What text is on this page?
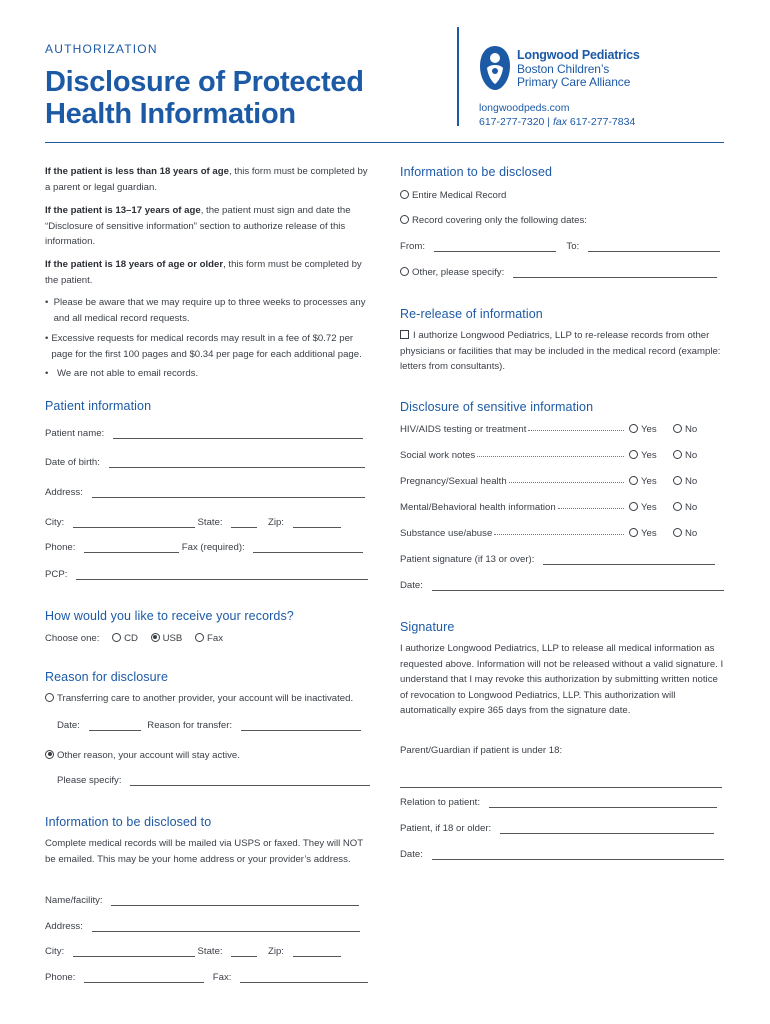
AUTHORIZATION
Disclosure of Protected
Health Information
Longwood Pediatrics
Boston Children’s
Primary Care Alliance
longwoodpeds.com
617-277-7320 | fax 617-277-7834
If the patient is less than 18 years of age, this form must be completed by a parent or legal guardian.
If the patient is 13–17 years of age, the patient must sign and date the “Disclosure of sensitive information” section to authorize release of this information.
If the patient is 18 years of age or older, this form must be completed by the patient.
• Please be aware that we may require up to three weeks to processes any and all medical record requests.
• Excessive requests for medical records may result in a fee of $0.72 per page for the first 100 pages and $0.34 per page for each additional page.
• We are not able to email records.
Patient information
Patient name:
Date of birth:
Address:
City:	State:	Zip:
Phone:	Fax (required):
PCP:
How would you like to receive your records?
Choose one:	CD	USB	Fax
Reason for disclosure
Transferring care to another provider, your account will be inactivated.
Date:	Reason for transfer:
Other reason, your account will stay active.
Please specify:
Information to be disclosed to
Complete medical records will be mailed via USPS or faxed. They will NOT be emailed. This may be your home address or your provider’s address.
Name/facility:
Address:
City:	State:	Zip:
Phone:	Fax:
Information to be disclosed
Entire Medical Record
Record covering only the following dates:
From:	To:
Other, please specify:
Re-release of information
I authorize Longwood Pediatrics, LLP to re-release records from other physicians or facilities that may be included in the medical record (example: letters from consultants).
Disclosure of sensitive information
HIV/AIDS testing or treatment	Yes	No
Social work notes	Yes	No
Pregnancy/Sexual health	Yes	No
Mental/Behavioral health information	Yes	No
Substance use/abuse	Yes	No
Patient signature (if 13 or over):
Date:
Signature
I authorize Longwood Pediatrics, LLP to release all medical information as requested above. Information will not be released without a valid signature. I understand that I may revoke this authorization by submitting written notice of revocation to Longwood Pediatrics, LLP. This authorization will automatically expire 365 days from the signature date.
Parent/Guardian if patient is under 18:
Relation to patient:
Patient, if 18 or older:
Date:
